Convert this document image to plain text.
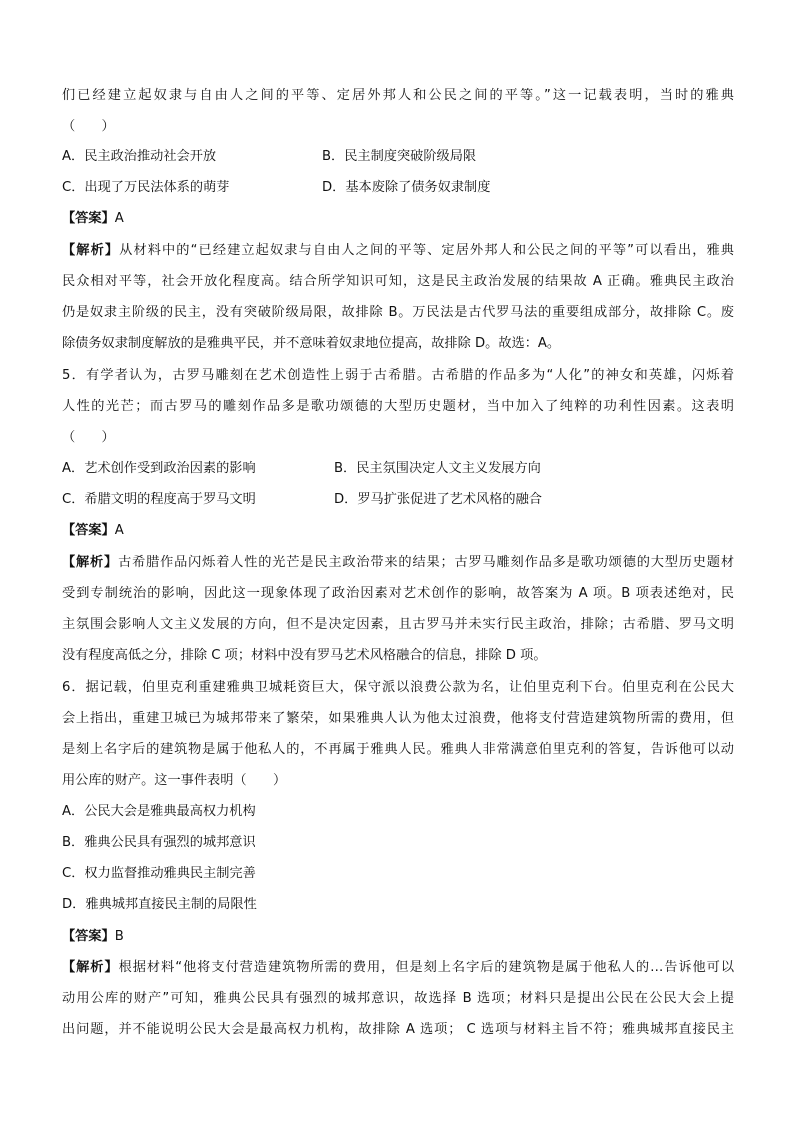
们已经建立起奴隶与自由人之间的平等、定居外邦人和公民之间的平等。”这一记载表明，当时的雅典
（　　）
A．民主政治推动社会开放	B．民主制度突破阶级局限
C．出现了万民法体系的萌芽	D．基本废除了债务奴隶制度
【答案】A
【解析】从材料中的“已经建立起奴隶与自由人之间的平等、定居外邦人和公民之间的平等”可以看出，雅典
民众相对平等，社会开放化程度高。结合所学知识可知，这是民主政治发展的结果故 A 正确。雅典民主政治
仍是奴隶主阶级的民主，没有突破阶级局限，故排除 B。万民法是古代罗马法的重要组成部分，故排除 C。废
除债务奴隶制度解放的是雅典平民，并不意味着奴隶地位提高，故排除 D。故选：A。
5．有学者认为，古罗马雕刻在艺术创造性上弱于古希腊。古希腊的作品多为“人化”的神女和英雄，闪烁着
人性的光芒；而古罗马的雕刻作品多是歌功颂德的大型历史题材，当中加入了纯粹的功利性因素。这表明
（　　）
A．艺术创作受到政治因素的影响	B．民主氛围决定人文主义发展方向
C．希腊文明的程度高于罗马文明	D．罗马扩张促进了艺术风格的融合
【答案】A
【解析】古希腊作品闪烁着人性的光芒是民主政治带来的结果；古罗马雕刻作品多是歌功颂德的大型历史题材
受到专制统治的影响，因此这一现象体现了政治因素对艺术创作的影响，故答案为 A 项。B 项表述绝对，民
主氛围会影响人文主义发展的方向，但不是决定因素，且古罗马并未实行民主政治，排除；古希腊、罗马文明
没有程度高低之分，排除 C 项；材料中没有罗马艺术风格融合的信息，排除 D 项。
6．据记载，伯里克利重建雅典卫城耗资巨大，保守派以浪费公款为名，让伯里克利下台。伯里克利在公民大
会上指出，重建卫城已为城邦带来了繁荣，如果雅典人认为他太过浪费，他将支付营造建筑物所需的费用，但
是刻上名字后的建筑物是属于他私人的，不再属于雅典人民。雅典人非常满意伯里克利的答复，告诉他可以动
用公库的财产。这一事件表明（　　）
A．公民大会是雅典最高权力机构
B．雅典公民具有强烈的城邦意识
C．权力监督推动雅典民主制完善
D．雅典城邦直接民主制的局限性
【答案】B
【解析】根据材料“他将支付营造建筑物所需的费用，但是刻上名字后的建筑物是属于他私人的…告诉他可以
动用公库的财产”可知，雅典公民具有强烈的城邦意识，故选择 B 选项；材料只是提出公民在公民大会上提
出问题，并不能说明公民大会是最高权力机构，故排除 A 选项； C 选项与材料主旨不符；雅典城邦直接民主
